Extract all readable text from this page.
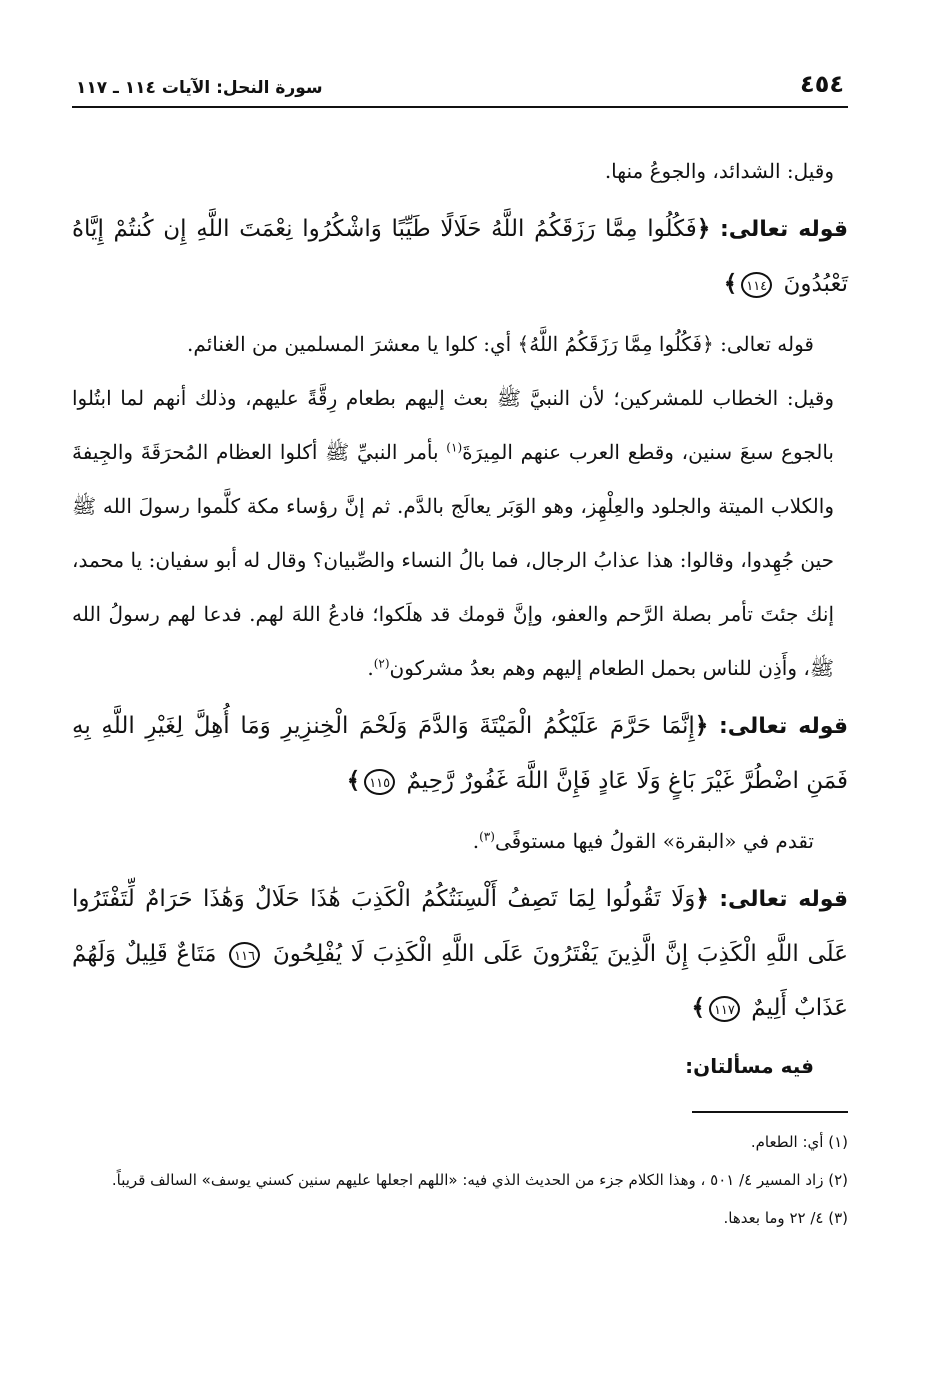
٤٥٤
سورة النحل: الآيات ١١٤ ـ ١١٧

وقيل: الشدائد، والجوعُ منها.

قوله تعالى: ﴿فَكُلُوا مِمَّا رَزَقَكُمُ اللَّهُ حَلَالًا طَيِّبًا وَاشْكُرُوا نِعْمَتَ اللَّهِ إِن كُنتُمْ إِيَّاهُ تَعْبُدُونَ ١١٤﴾

قوله تعالى: ﴿فَكُلُوا مِمَّا رَزَقَكُمُ اللَّهُ﴾ أي: كلوا يا معشرَ المسلمين من الغنائم.

وقيل: الخطاب للمشركين؛ لأن النبيَّ ﷺ بعث إليهم بطعام رِقَّةً عليهم، وذلك أنهم لما ابتُلوا بالجوع سبعَ سنين، وقطع العرب عنهم المِيرَةَ$^{(١)}$ بأمر النبيِّ ﷺ أكلوا العظام المُحرَقَةَ والجِيفةَ والكلاب الميتة والجلود والعِلْهِز، وهو الوَبَر يعالَج بالدَّم. ثم إنَّ رؤساء مكة كلَّموا رسولَ الله ﷺ حين جُهِدوا، وقالوا: هذا عذابُ الرجال، فما بالُ النساء والصِّبيان؟ وقال له أبو سفيان: يا محمد، إنك جئتَ تأمر بصلة الرَّحم والعفو، وإنَّ قومك قد هلَكوا؛ فادعُ اللهَ لهم. فدعا لهم رسولُ الله ﷺ، وأَذِن للناس بحمل الطعام إليهم وهم بعدُ مشركون$^{(٢)}$.

قوله تعالى: ﴿إِنَّمَا حَرَّمَ عَلَيْكُمُ الْمَيْتَةَ وَالدَّمَ وَلَحْمَ الْخِنزِيرِ وَمَا أُهِلَّ لِغَيْرِ اللَّهِ بِهِ فَمَنِ اضْطُرَّ غَيْرَ بَاغٍ وَلَا عَادٍ فَإِنَّ اللَّهَ غَفُورٌ رَّحِيمٌ ١١٥﴾

تقدم في «البقرة» القولُ فيها مستوفًى$^{(٣)}$.

قوله تعالى: ﴿وَلَا تَقُولُوا لِمَا تَصِفُ أَلْسِنَتُكُمُ الْكَذِبَ هَٰذَا حَلَالٌ وَهَٰذَا حَرَامٌ لِّتَفْتَرُوا عَلَى اللَّهِ الْكَذِبَ إِنَّ الَّذِينَ يَفْتَرُونَ عَلَى اللَّهِ الْكَذِبَ لَا يُفْلِحُونَ ١١٦ مَتَاعٌ قَلِيلٌ وَلَهُمْ عَذَابٌ أَلِيمٌ ١١٧﴾

فيه مسألتان:

(١) أي: الطعام.

(٢) زاد المسير ٤/ ٥٠١ ، وهذا الكلام جزء من الحديث الذي فيه: «اللهم اجعلها عليهم سنين كسني يوسف» السالف قريباً.

(٣) ٤/ ٢٢ وما بعدها.
